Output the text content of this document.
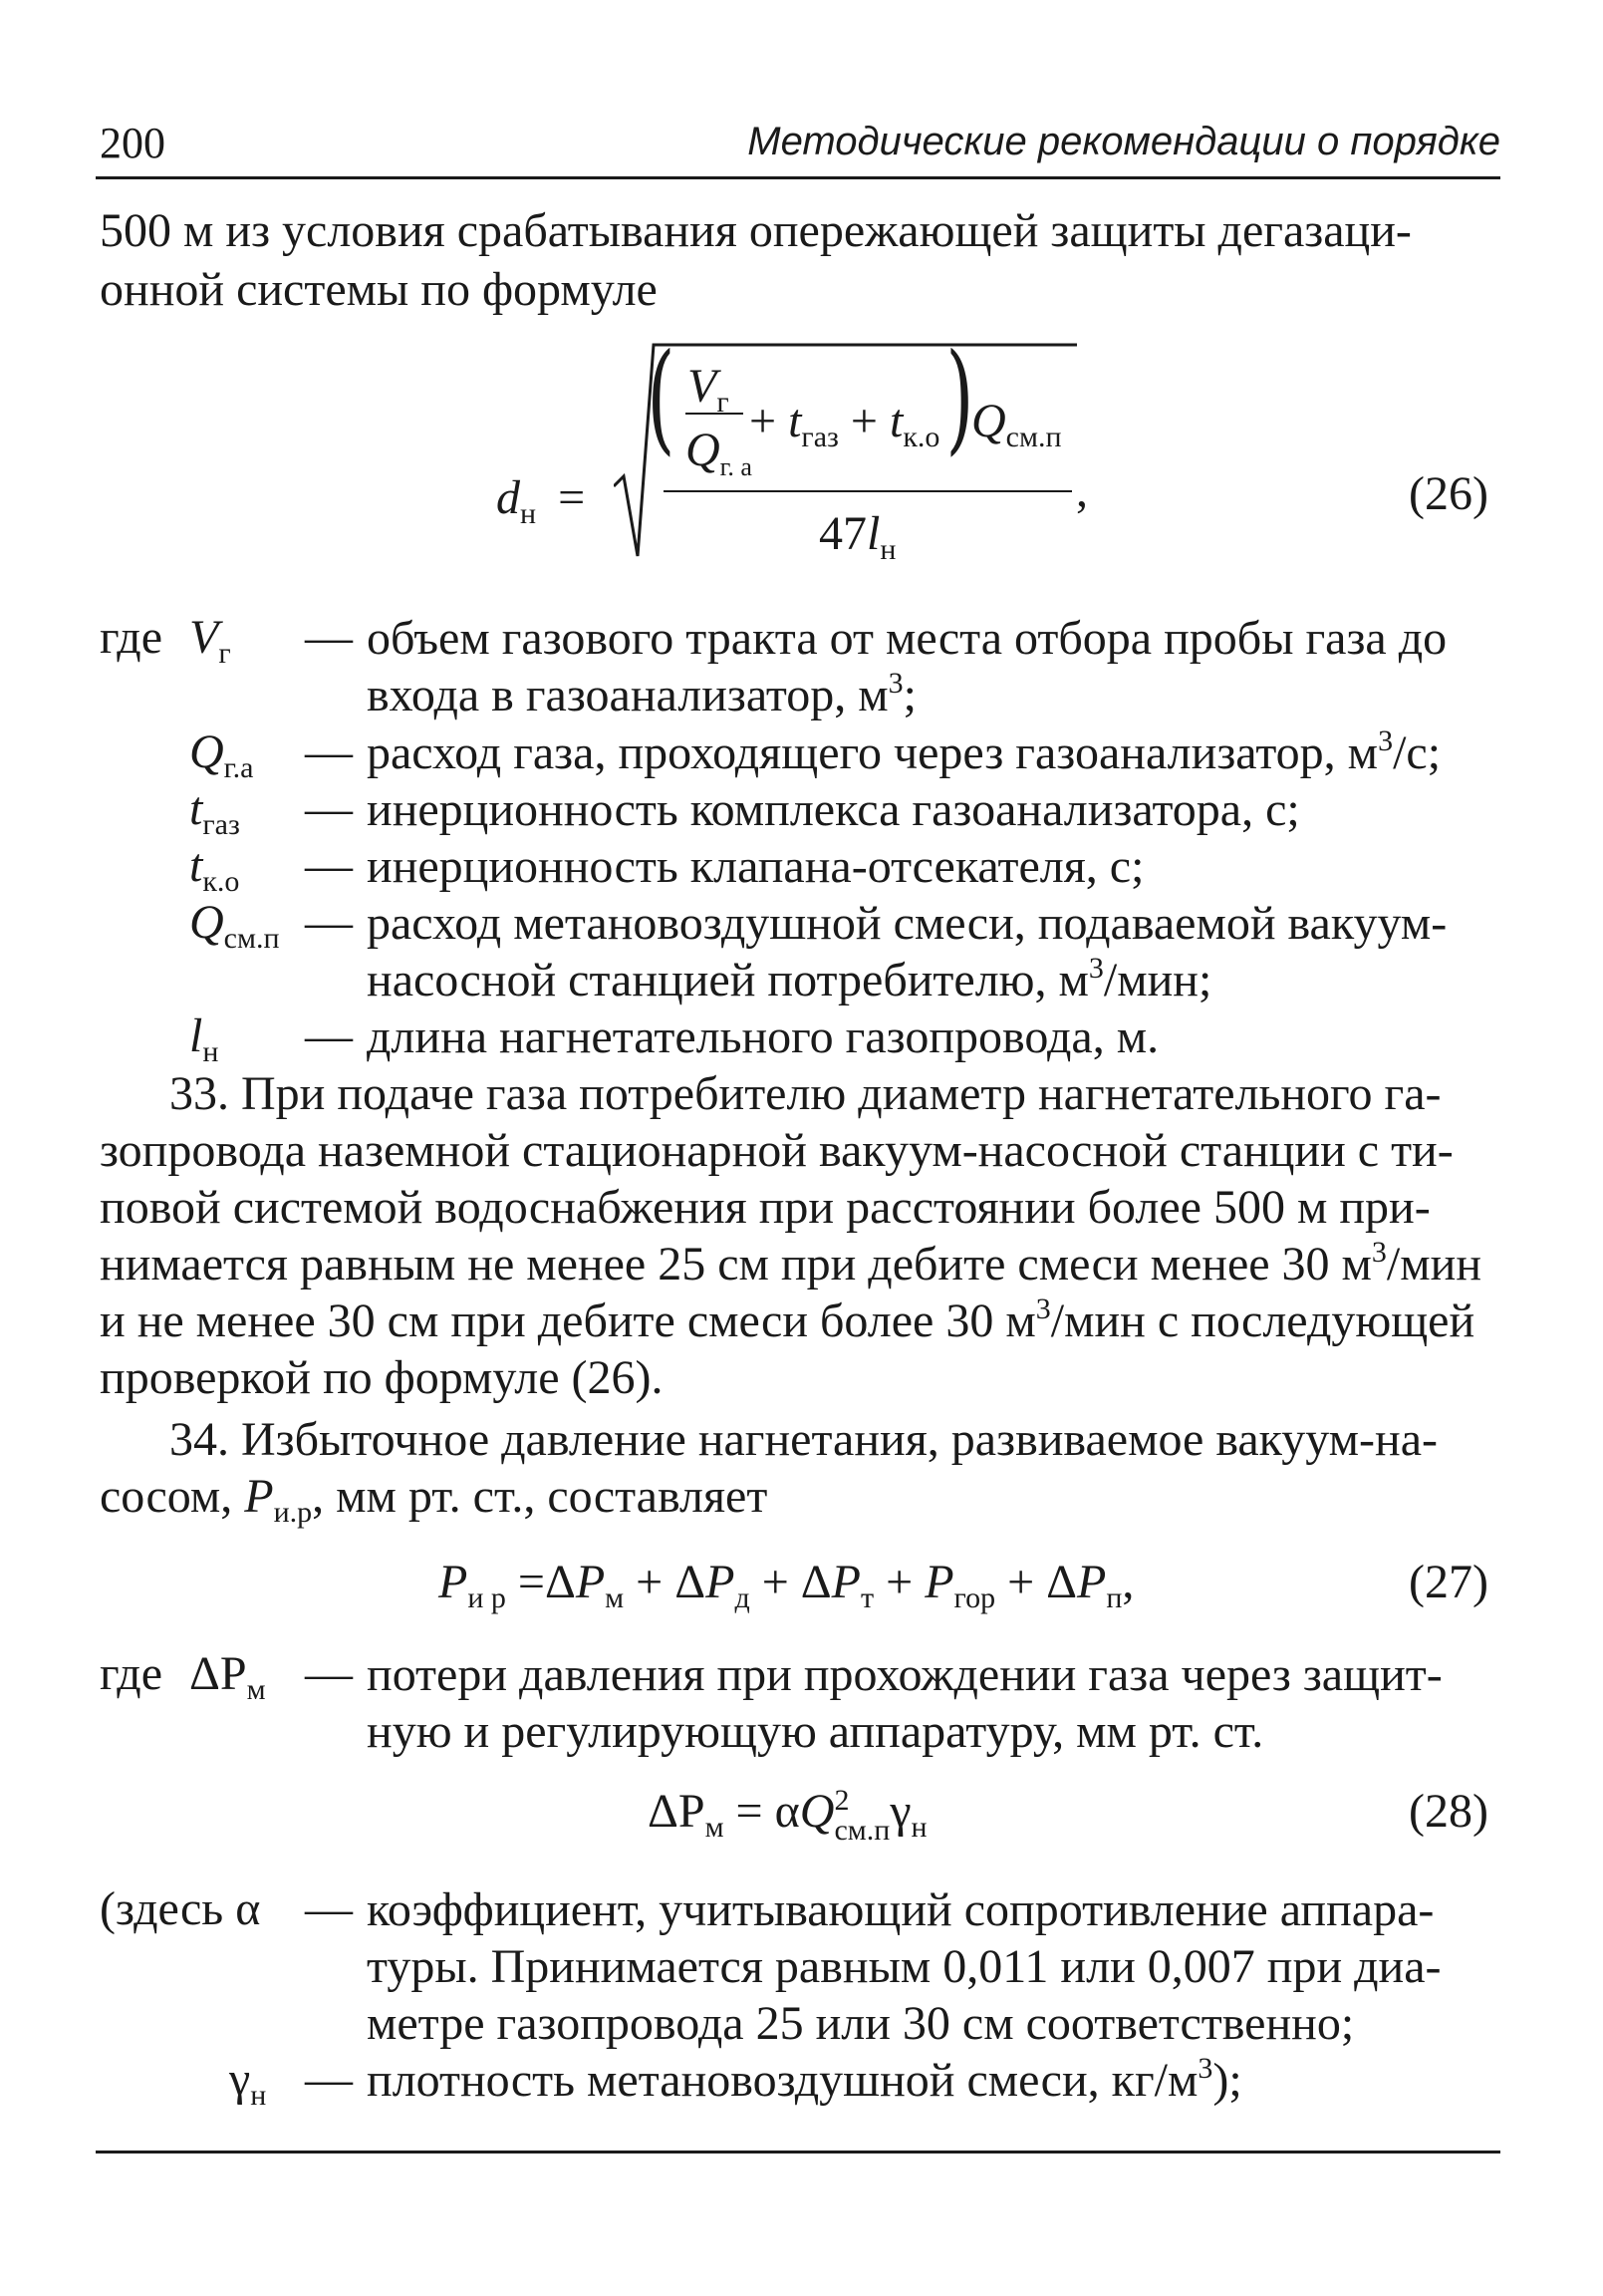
200	Методические рекомендации о порядке
500 м из условия срабатывания опережающей защиты дегазаци-
онной системы по формуле
$d_н$ =
$V_г$
$Q_{г. а}$
( + $t_{газ} + t_{к.о}$ )
$Q_{см.п}$
$47l_н$
,	(26)
где $V_г$ — объем газового тракта от места отбора пробы газа до
входа в газоанализатор, $м^3$;
$Q_{г.а}$ — расход газа, проходящего через газоанализатор, $м^3/с$;
$t_{газ}$ — инерционность комплекса газоанализатора, с;
$t_{к.о}$ — инерционность клапана-отсекателя, с;
$Q_{см.п}$ — расход метановоздушной смеси, подаваемой вакуум-
насосной станцией потребителю, $м^3$/мин;
$l_н$ — длина нагнетательного газопровода, м.
33. При подаче газа потребителю диаметр нагнетательного га-
зопровода наземной стационарной вакуум-насосной станции с ти-
повой системой водоснабжения при расстоянии более 500 м при-
нимается равным не менее 25 см при дебите смеси менее 30 $м^3$/мин
и не менее 30 см при дебите смеси более 30 $м^3$/мин с последующей
проверкой по формуле (26).
34. Избыточное давление нагнетания, развиваемое вакуум-на-
сосом, $P_{и.р}$, мм рт. ст., составляет
$P_{и р} =\Delta P_м + \Delta P_д + \Delta P_т + P_{гор} + \Delta P_п$,	(27)
где $\Delta P_м$ — потери давления при прохождении газа через защит-
ную и регулирующую аппаратуру, мм рт. ст.
$\Delta P_м = \alpha Q$ 2
см.п $\gamma_н$	(28)
(здесь α — коэффициент, учитывающий сопротивление аппара-
туры. Принимается равным 0,011 или 0,007 при диа-
метре газопровода 25 или 30 см соответственно;
$\gamma_н$ — плотность метановоздушной смеси, $кг/м^3$);
